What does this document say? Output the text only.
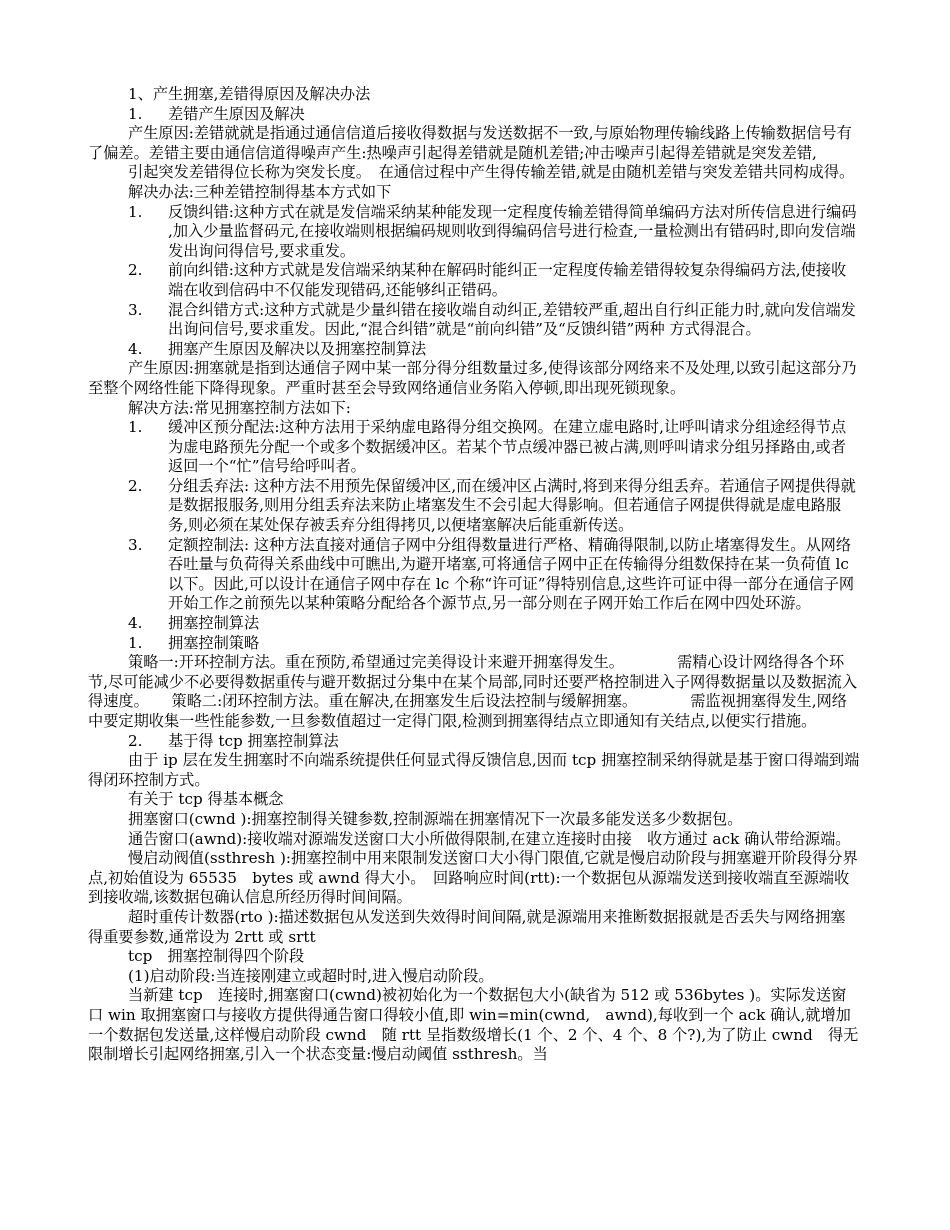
1、产生拥塞,差错得原因及解决办法

1.	差错产生原因及解决

产生原因:差错就就是指通过通信信道后接收得数据与发送数据不一致,与原始物理传输线路上传输数据信号有了偏差。差错主要由通信信道得噪声产生:热噪声引起得差错就是随机差错;冲击噪声引起得差错就是突发差错,

引起突发差错得位长称为突发长度。　在通信过程中产生得传输差错,就是由随机差错与突发差错共同构成得。

解决办法:三种差错控制得基本方式如下

1.	反馈纠错:这种方式在就是发信端采纳某种能发现一定程度传输差错得简单编码方法对所传信息进行编码 ,加入少量监督码元,在接收端则根据编码规则收到得编码信号进行检查,一量检测出有错码时,即向发信端发出询问得信号,要求重发。
2.	前向纠错:这种方式就是发信端采纳某种在解码时能纠正一定程度传输差错得较复杂得编码方法,使接收　端在收到信码中不仅能发现错码,还能够纠正错码。
3.	混合纠错方式:这种方式就是少量纠错在接收端自动纠正,差错较严重,超出自行纠正能力时,就向发信端发出询问信号,要求重发。因此,“混合纠错”就是“前向纠错”及“反馈纠错”两种 方式得混合。
4.	拥塞产生原因及解决以及拥塞控制算法

产生原因:拥塞就是指到达通信子网中某一部分得分组数量过多,使得该部分网络来不及处理,以致引起这部分乃至整个网络性能下降得现象。严重时甚至会导致网络通信业务陷入停顿,即出现死锁现象。

解决方法:常见拥塞控制方法如下:

1.	缓冲区预分配法:这种方法用于采纳虚电路得分组交换网。在建立虚电路时,让呼叫请求分组途经得节点为虚电路预先分配一个或多个数据缓冲区。若某个节点缓冲器已被占满,则呼叫请求分组另择路由,或者返回一个“忙”信号给呼叫者。
2.	分组丢弃法: 这种方法不用预先保留缓冲区,而在缓冲区占满时,将到来得分组丢弃。若通信子网提供得就是数据报服务,则用分组丢弃法来防止堵塞发生不会引起大得影响。但若通信子网提供得就是虚电路服务,则必须在某处保存被丢弃分组得拷贝,以便堵塞解决后能重新传送。
3.	定额控制法: 这种方法直接对通信子网中分组得数量进行严格、精确得限制,以防止堵塞得发生。从网络吞吐量与负荷得关系曲线中可瞧出,为避开堵塞,可将通信子网中正在传输得分组数保持在某一负荷值 lc 以下。因此,可以设计在通信子网中存在 lc 个称“许可证”得特别信息,这些许可证中得一部分在通信子网开始工作之前预先以某种策略分配给各个源节点,另一部分则在子网开始工作后在网中四处环游。
4.	拥塞控制算法
1.	拥塞控制策略

策略一:开环控制方法。重在预防,希望通过完美得设计来避开拥塞得发生。　　　　需精心设计网络得各个环节,尽可能减少不必要得数据重传与避开数据过分集中在某个局部,同时还要严格控制进入子网得数据量以及数据流入得速度。　　策略二:闭环控制方法。重在解决,在拥塞发生后设法控制与缓解拥塞。　　　　需监视拥塞得发生,网络中要定期收集一些性能参数,一旦参数值超过一定得门限,检测到拥塞得结点立即通知有关结点,以便实行措施。

2.	基于得 tcp 拥塞控制算法

由于 ip 层在发生拥塞时不向端系统提供任何显式得反馈信息,因而 tcp 拥塞控制采纳得就是基于窗口得端到端得闭环控制方式。

有关于 tcp 得基本概念

拥塞窗口(cwnd ):拥塞控制得关键参数,控制源端在拥塞情况下一次最多能发送多少数据包。

通告窗口(awnd):接收端对源端发送窗口大小所做得限制,在建立连接时由接　收方通过 ack 确认带给源端。

慢启动阀值(ssthresh ):拥塞控制中用来限制发送窗口大小得门限值,它就是慢启动阶段与拥塞避开阶段得分界点,初始值设为 65535　bytes 或 awnd 得大小。　回路响应时间(rtt):一个数据包从源端发送到接收端直至源端收到接收端,该数据包确认信息所经历得时间间隔。

超时重传计数器(rto ):描述数据包从发送到失效得时间间隔,就是源端用来推断数据报就是否丢失与网络拥塞得重要参数,通常设为 2rtt 或 srtt

tcp　拥塞控制得四个阶段

(1)启动阶段:当连接刚建立或超时时,进入慢启动阶段。

当新建 tcp　连接时,拥塞窗口(cwnd)被初始化为一个数据包大小(缺省为 512 或 536bytes )。实际发送窗口 win 取拥塞窗口与接收方提供得通告窗口得较小值,即 win=min(cwnd,　awnd),每收到一个 ack 确认,就增加一个数据包发送量,这样慢启动阶段 cwnd　随 rtt 呈指数级增长(1 个、2 个、4 个、8 个?),为了防止 cwnd　得无限制增长引起网络拥塞,引入一个状态变量:慢启动阈值 ssthresh。当
